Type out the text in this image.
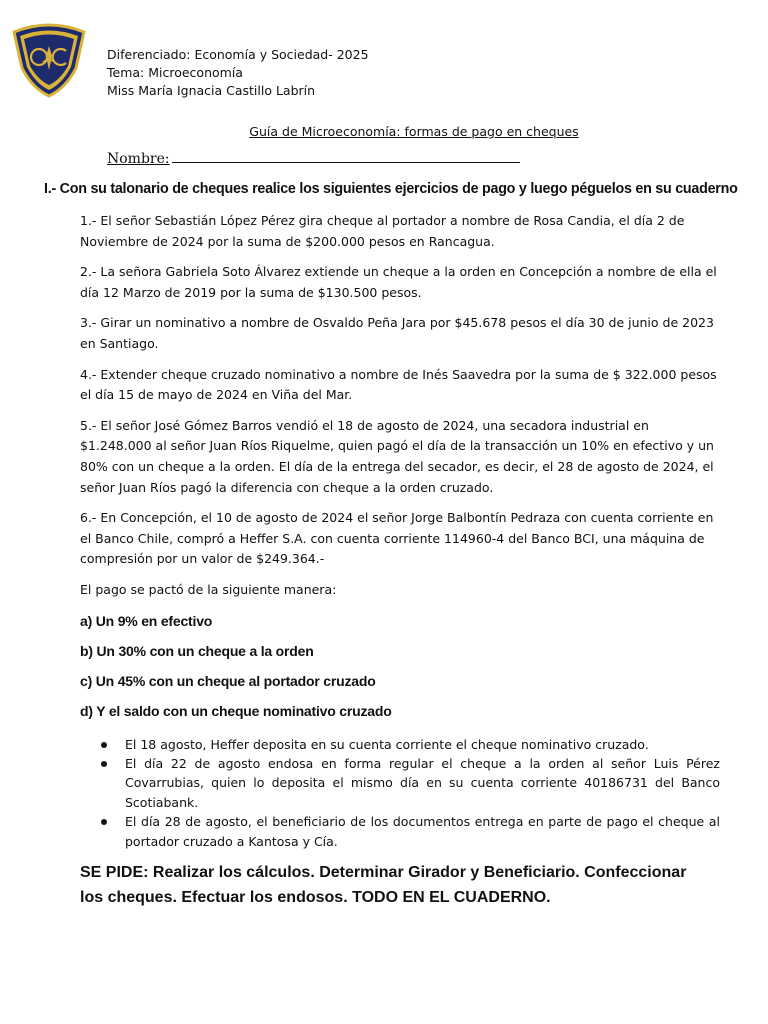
Diferenciado: Economía y Sociedad- 2025
Tema: Microeconomía
Miss María Ignacia Castillo Labrín
Guía de Microeconomía: formas de pago en cheques
Nombre:
I.- Con su talonario de cheques realice los siguientes ejercicios de pago y luego péguelos en su cuaderno

1.- El señor Sebastián López Pérez gira cheque al portador a nombre de Rosa Candia, el día 2 de Noviembre de 2024 por la suma de $200.000 pesos en Rancagua.

2.- La señora Gabriela Soto Álvarez extiende un cheque a la orden en Concepción a nombre de ella el día 12 Marzo de 2019 por la suma de $130.500 pesos.

3.- Girar un nominativo a nombre de Osvaldo Peña Jara por $45.678 pesos el día 30 de junio de 2023 en Santiago.

4.- Extender cheque cruzado nominativo a nombre de Inés Saavedra por la suma de $ 322.000 pesos el día 15 de mayo de 2024 en Viña del Mar.

5.- El señor José Gómez Barros vendió el 18 de agosto de 2024, una secadora industrial en $1.248.000 al señor Juan Ríos Riquelme, quien pagó el día de la transacción un 10% en efectivo y un 80% con un cheque a la orden. El día de la entrega del secador, es decir, el 28 de agosto de 2024, el señor Juan Ríos pagó la diferencia con cheque a la orden cruzado.

6.- En Concepción, el 10 de agosto de 2024 el señor Jorge Balbontín Pedraza con cuenta corriente en el Banco Chile, compró a Heffer S.A. con cuenta corriente 114960-4 del Banco BCI, una máquina de compresión por un valor de $249.364.-

El pago se pactó de la siguiente manera:

a) Un 9% en efectivo

b) Un 30% con un cheque a la orden

c) Un 45% con un cheque al portador cruzado

d) Y el saldo con un cheque nominativo cruzado

El 18 agosto, Heffer deposita en su cuenta corriente el cheque nominativo cruzado.
El día 22 de agosto endosa en forma regular el cheque a la orden al señor Luis Pérez Covarrubias, quien lo deposita el mismo día en su cuenta corriente 40186731 del Banco Scotiabank.
El día 28 de agosto, el beneficiario de los documentos entrega en parte de pago el cheque al portador cruzado a Kantosa y Cía.
SE PIDE: Realizar los cálculos. Determinar Girador y Beneficiario. Confeccionar los cheques. Efectuar los endosos. TODO EN EL CUADERNO.
